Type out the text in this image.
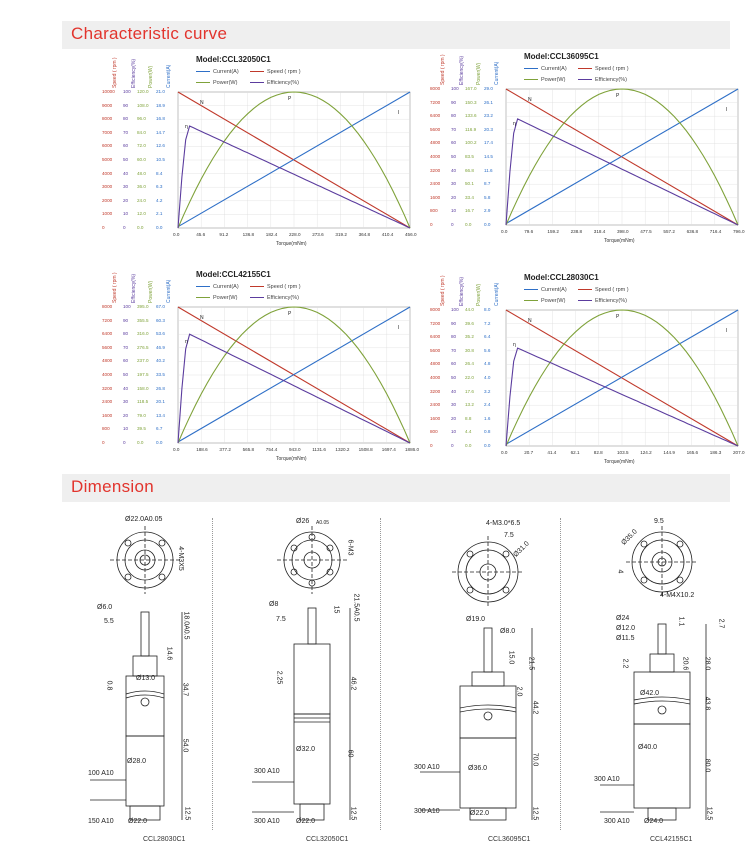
Characteristic curve
N
P
I
η
Model:CCL32050C1
Current(A)	Speed ( rpm )
Power(W)	Efficiency(%)
Speed ( rpm )	Efficiency(%) Power(W) Current(A)
0
1000
2000
3000
4000
5000
6000
7000
8000
9000
10000
0
10
20
30
40
50
60
70
80
90
100
0.0
12.0
24.0
36.0
48.0
60.0
72.0
84.0
96.0
108.0
120.0
0.0
2.1
4.2
6.3
8.4
10.5
12.6
14.7
16.8
18.9
21.0
0.0	45.6	91.2	136.8	182.4	228.0	273.6	319.2	364.8	410.4	456.0
Torque(mNm)
N
P
I
η
Model:CCL36095C1
Current(A)	Speed ( rpm )
Power(W)	Efficiency(%)
Speed ( rpm )	Efficiency(%) Power(W) Current(A)
0
800
1600
2400
3200
4000
4800
5600
6400
7200
8000
0
10
20
30
40
50
60
70
80
90
100
0.0
16.7
33.4
50.1
66.8
83.5
100.2
116.9
133.6
150.3
167.0
0.0
2.9
5.8
8.7
11.6
14.5
17.4
20.3
23.2
26.1
29.0
0.0	79.6	159.2	238.8	318.4	398.0	477.5	557.2	636.8	716.4	796.0
Torque(mNm)
N
P
I
η
Model:CCL42155C1
Current(A)	Speed ( rpm )
Power(W)	Efficiency(%)
Speed ( rpm )	Efficiency(%) Power(W) Current(A)
0
800
1600
2400
3200
4000
4800
5600
6400
7200
8000
0
10
20
30
40
50
60
70
80
90
100
0.0
39.5
79.0
118.5
158.0
197.5
237.0
276.5
316.0
355.5
395.0
0.0
6.7
13.4
20.1
26.8
33.5
40.2
46.9
53.6
60.3
67.0
0.0	188.6	377.2	565.8	754.4	943.0	1131.6 1320.2 1508.8 1697.4 1886.0
Torque(mNm)
N
P
I
η
Model:CCL28030C1
Current(A)	Speed ( rpm )
Power(W)	Efficiency(%)
Speed ( rpm )	Efficiency(%) Power(W) Current(A)
0
800
1600
2400
3200
4000
4800
5600
6400
7200
8000
0
10
20
30
40
50
60
70
80
90
100
0.0
4.4
8.8
13.2
17.6
22.0
26.4
30.8
35.2
39.6
44.0
0.0
0.8
1.6
2.4
3.2
4.0
4.8
5.6
6.4
7.2
8.0
0.0	20.7	41.4	62.1	82.8	103.5	124.2	144.9	165.6	186.3	207.0
Torque(mNm)
Dimension
Ø22.0A0.05
4-M3X5
Ø6.0
5.5	18.0A0.5
14.6
Ø13.0
0.8	34.7
Ø28.0
54.0
100 A10
150 A10 Ø22.0
12.5
Ø26 A0.05
6-M3
Ø8
7.5
15 21.5A0.5
2.25	46.2
Ø32.0
60
300 A10
300 A10 Ø22.0
12.5
4-M3.0*6.5
7.5
Ø31.0
Ø19.0
Ø8.0
15.0 21.5
2.0
44.2
Ø36.0
70.0
300 A10
300 A10	Ø22.0	12.5
9.5
Ø35.0
4
4-M4X10.2
Ø24
Ø12.0
Ø11.5
1.1	2.7
2.2	20.6 28.0
Ø42.0
43.8
Ø40.0
80.0
300 A10
300 A10 Ø24.0
12.5
CCL28030C1	CCL32050C1	CCL36095C1	CCL42155C1
